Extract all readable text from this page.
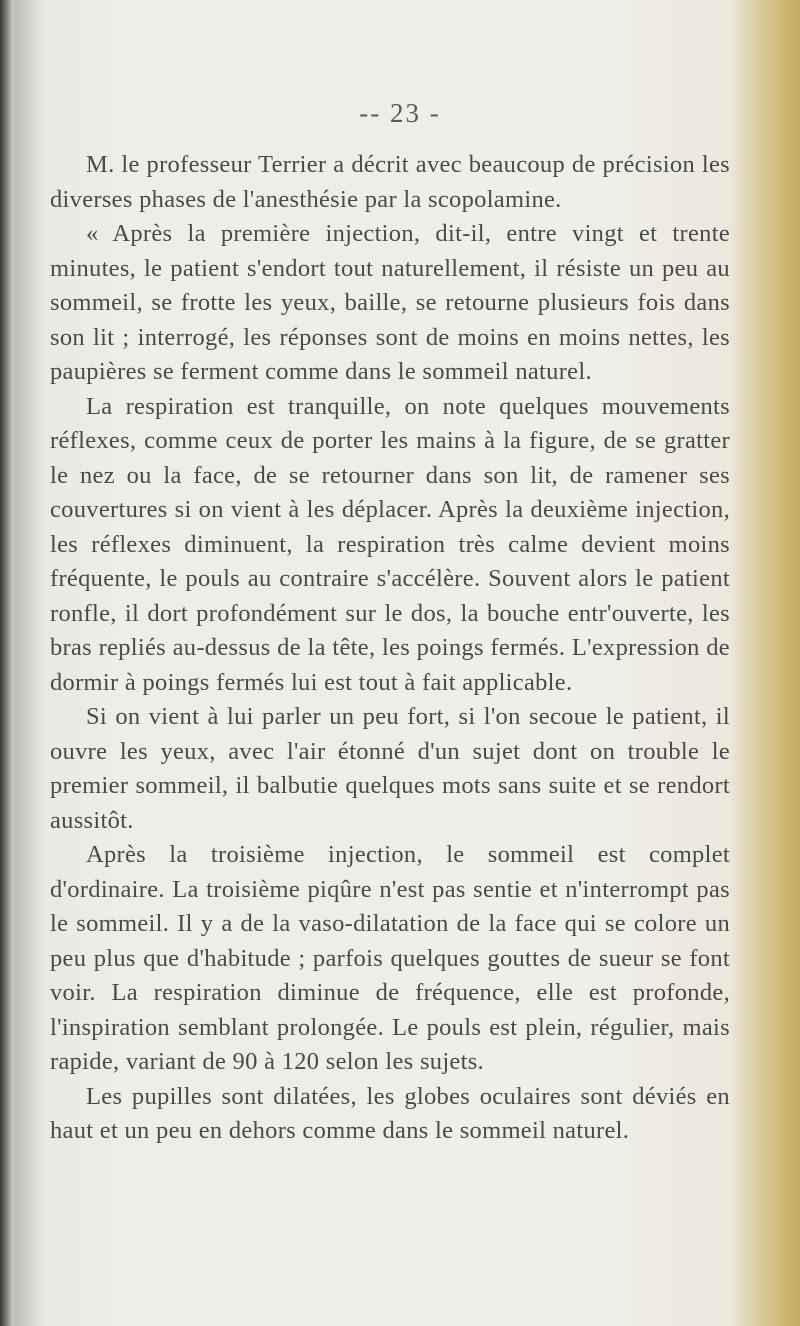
-- 23 -

M. le professeur Terrier a décrit avec beaucoup de précision les diverses phases de l'anesthésie par la scopolamine.

« Après la première injection, dit-il, entre vingt et trente minutes, le patient s'endort tout naturellement, il résiste un peu au sommeil, se frotte les yeux, baille, se retourne plusieurs fois dans son lit ; interrogé, les réponses sont de moins en moins nettes, les paupières se ferment comme dans le sommeil naturel.

La respiration est tranquille, on note quelques mouvements réflexes, comme ceux de porter les mains à la figure, de se gratter le nez ou la face, de se retourner dans son lit, de ramener ses couvertures si on vient à les déplacer. Après la deuxième injection, les réflexes diminuent, la respiration très calme devient moins fréquente, le pouls au contraire s'accélère. Souvent alors le patient ronfle, il dort profondément sur le dos, la bouche entr'ouverte, les bras repliés au-dessus de la tête, les poings fermés. L'expression de dormir à poings fermés lui est tout à fait applicable.

Si on vient à lui parler un peu fort, si l'on secoue le patient, il ouvre les yeux, avec l'air étonné d'un sujet dont on trouble le premier sommeil, il balbutie quelques mots sans suite et se rendort aussitôt.

Après la troisième injection, le sommeil est complet d'ordinaire. La troisième piqûre n'est pas sentie et n'interrompt pas le sommeil. Il y a de la vaso-dilatation de la face qui se colore un peu plus que d'habitude ; parfois quelques gouttes de sueur se font voir. La respiration diminue de fréquence, elle est profonde, l'inspiration semblant prolongée. Le pouls est plein, régulier, mais rapide, variant de 90 à 120 selon les sujets.

Les pupilles sont dilatées, les globes oculaires sont déviés en haut et un peu en dehors comme dans le sommeil naturel.
